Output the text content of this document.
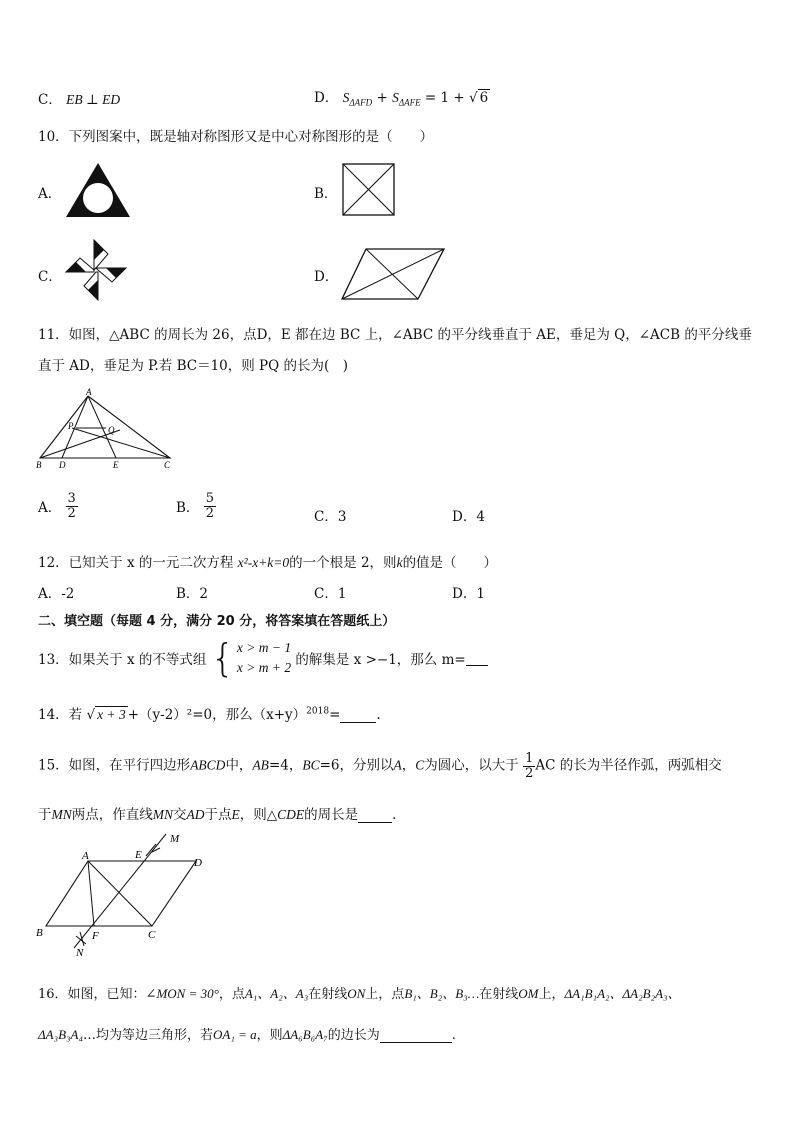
C． EB ⊥ ED	D． $S_{\Delta AFD} + S_{\Delta AFE} = 1$ + √ 6
10．下列图案中，既是轴对称图形又是中心对称图形的是（　　）
A．	B．
C．	D．
11．如图，△ABC 的周长为 26，点D，E 都在边 BC 上，∠ABC 的平分线垂直于 AE，垂足为 Q，∠ACB 的平分线垂
直于 AD，垂足为 P.若 BC＝10，则 PQ 的长为(　)
A
P	Q
B D	E	C
A． $\frac{3}{2}$	B． $\frac{5}{2}$	C．3	D．4
12．已知关于 x 的一元二次方程 x²-x+k=0的一个根是 2，则k的值是（　　）
A．-2	B．2	C．1	D．1
二、填空题（每题 4 分，满分 20 分，将答案填在答题纸上）
13．如果关于 x 的不等式组 { x > m − 1
x > m + 2 的解集是 x >−1，那么 m=
14．若 √ x + 3 +（y-2）²=0，那么$(x+y)^{2018}=$	.
15．如图，在平行四边形ABCD中，AB=4，BC=6，分别以A，C为圆心，以大于 $\frac{1}{2}$ AC 的长为半径作弧，两弧相交
于MN两点，作直线MN交AD于点E，则△CDE的周长是	.
M
A	E
D
B	F	C
N
16．如图，已知：∠MON = 30°，点A₁、A₂、A₃在射线ON上，点B₁、B₂、B₃…在射线OM上，ΔA₁B₁A₂、ΔA₂B₂A₃、
ΔA₃B₃A₄…均为等边三角形，若OA₁ = a，则ΔA₆B₆A₇的边长为	.
